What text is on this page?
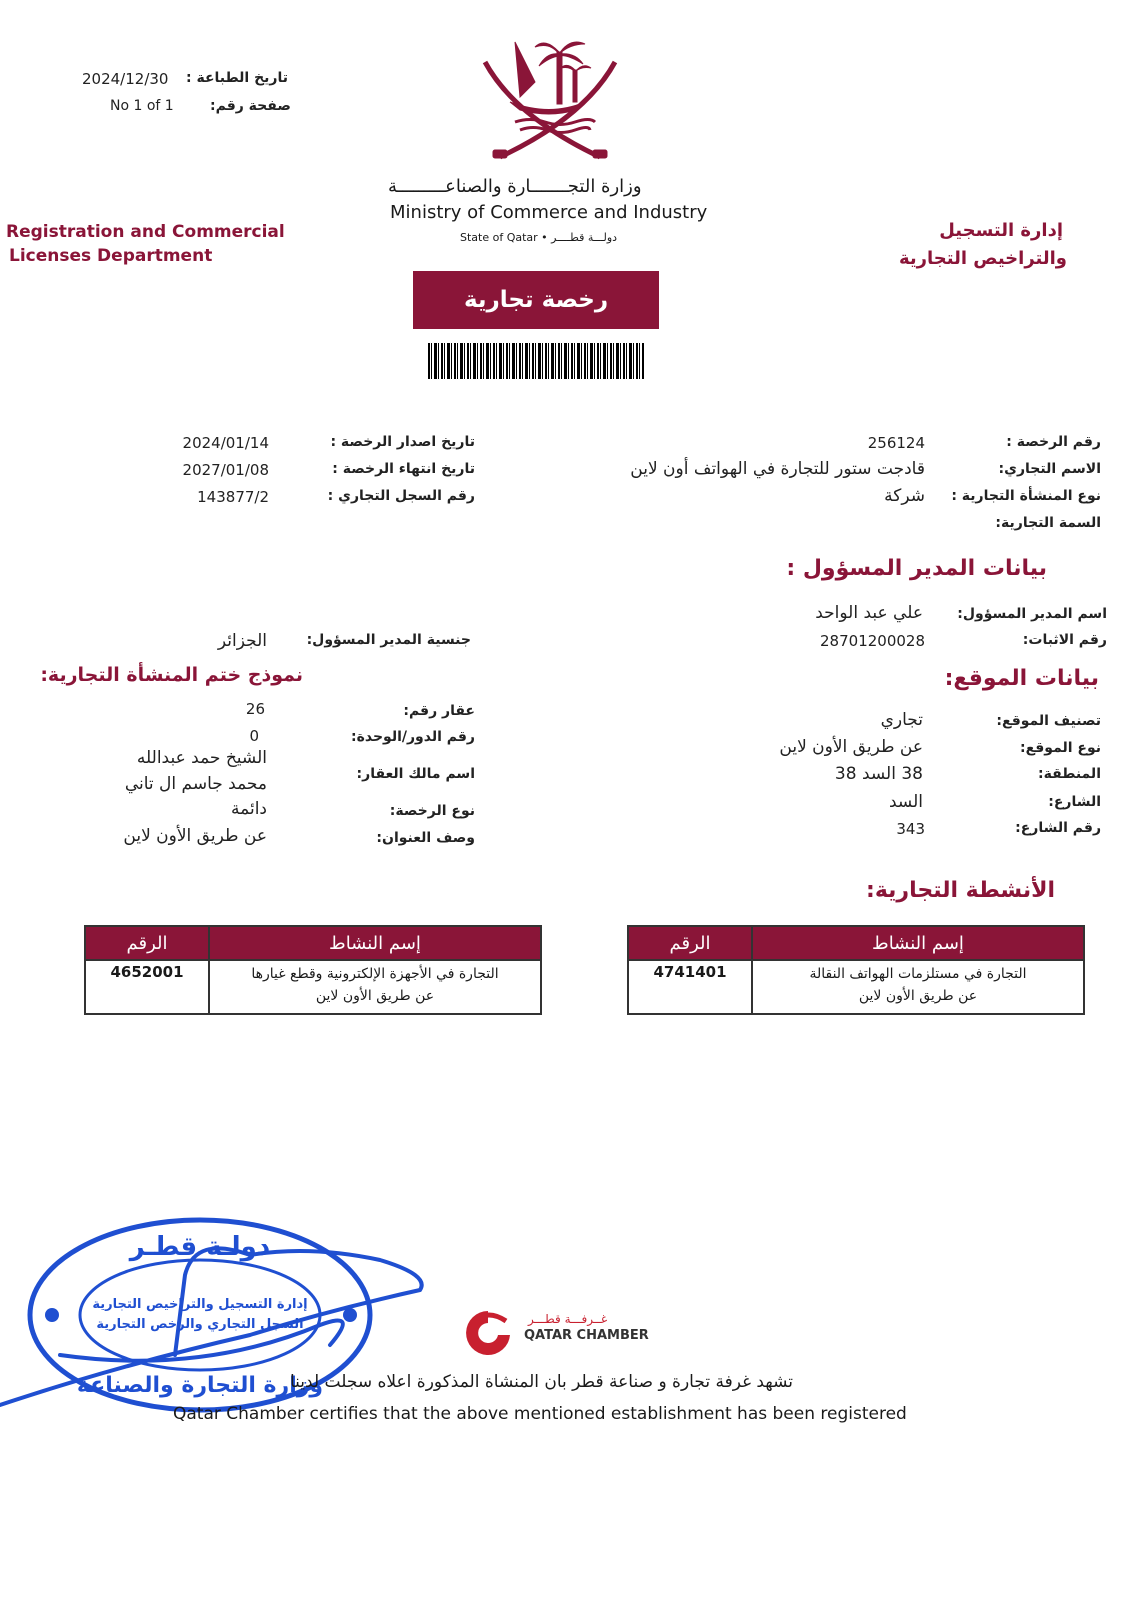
2024/12/30 تاريخ الطباعة :
No 1 of 1	صفحة رقم:
وزارة التجـــــــارة والصناعـــــــــة
Ministry of Commerce and Industry
State of Qatar • دولـــة قطــــر
Registration and Commercial
Licenses Department
إدارة التسجيل
والتراخيص التجارية
رخصة تجارية
رقم الرخصة :
256124
الاسم التجاري:
قادجت ستور للتجارة في الهواتف أون لاين
نوع المنشأة التجارية :
شركة
السمة التجارية:
تاريخ اصدار الرخصة :
2024/01/14
تاريخ انتهاء الرخصة :
2027/01/08
رقم السجل التجاري :
143877/2
بيانات المدير المسؤول :
اسم المدير المسؤول:
علي عبد الواحد
رقم الاثبات:
28701200028
جنسية المدير المسؤول:
الجزائر
بيانات الموقع:
تصنيف الموقع:
تجاري
نوع الموقع:
عن طريق الأون لاين
المنطقة:
38 السد 38
الشارع:
السد
رقم الشارع:
343
نموذج ختم المنشأة التجارية:
عقار رقم:
26
رقم الدور/الوحدة:
0
اسم مالك العقار:
الشيخ حمد عبدالله
محمد جاسم ال تاني
نوع الرخصة:
دائمة
وصف العنوان:
عن طريق الأون لاين
الأنشطة التجارية:
الرقم	إسم النشاط
4741401	التجارة في مستلزمات الهواتف النقالة
عن طريق الأون لاين
الرقم	إسم النشاط
4652001	التجارة في الأجهزة الإلكترونية وقطع غيارها
عن طريق الأون لاين
دولـة قطـر
إدارة التسجيل والتراخيص التجارية
السجل التجاري والرخص التجارية
وزارة التجارة والصناعة
غــرفـــة قطـــر
QATAR CHAMBER
تشهد غرفة تجارة و صناعة قطر بان المنشاة المذكورة اعلاه سجلت لدينا
Qatar Chamber certifies that the above mentioned establishment has been registered
